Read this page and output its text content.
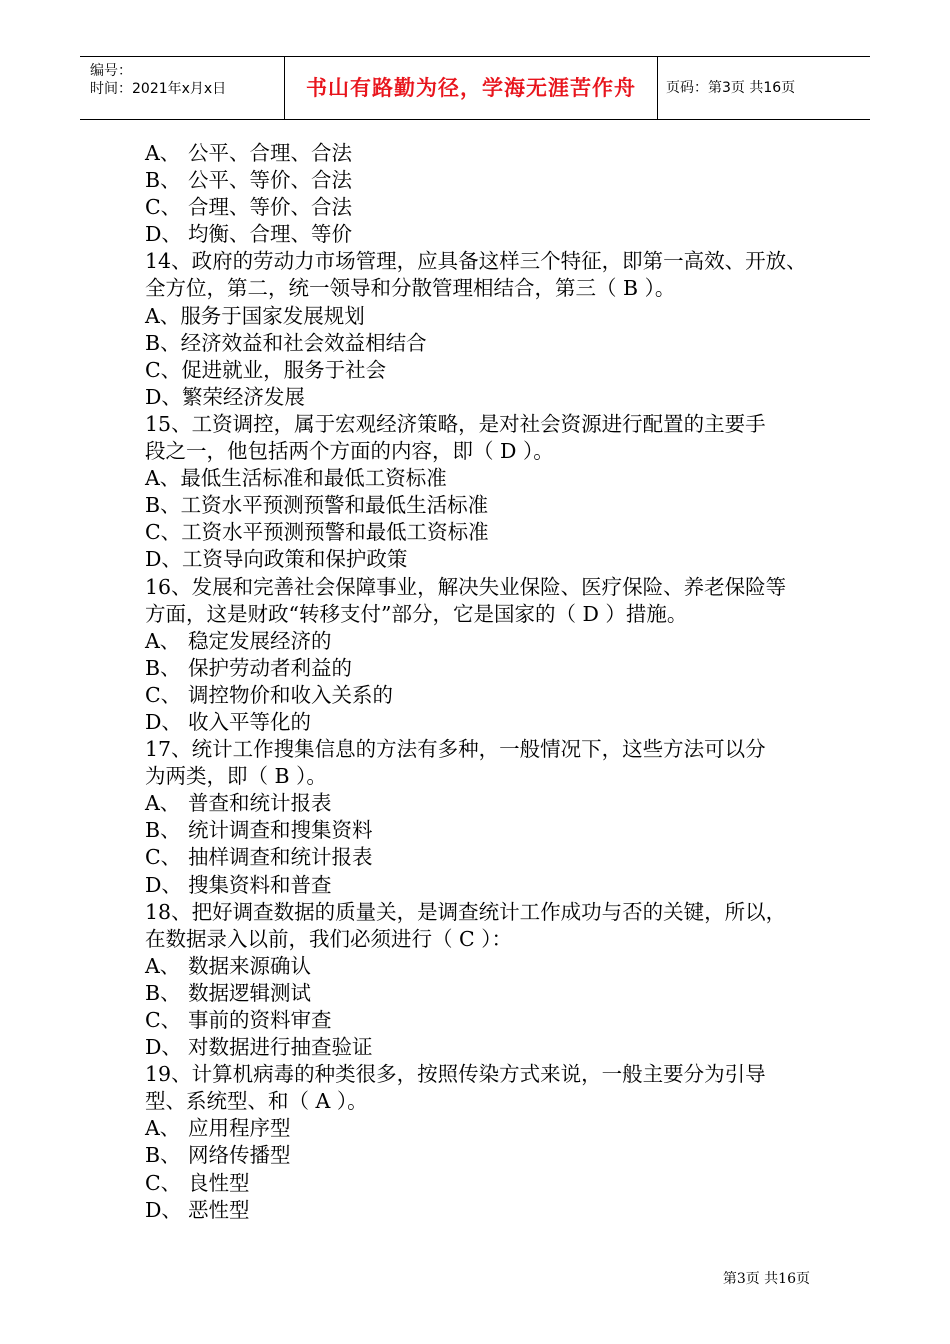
编号：
时间：2021年x月x日	书山有路勤为径，学海无涯苦作舟	页码：第3页 共16页
A、 公平、合理、合法
B、 公平、等价、合法
C、 合理、等价、合法
D、 均衡、合理、等价
14、政府的劳动力市场管理，应具备这样三个特征，即第一高效、开放、
全方位，第二，统一领导和分散管理相结合，第三（ B ）。
A、服务于国家发展规划
B、经济效益和社会效益相结合
C、促进就业，服务于社会
D、繁荣经济发展
15、工资调控，属于宏观经济策略，是对社会资源进行配置的主要手
段之一，他包括两个方面的内容，即（ D ）。
A、最低生活标准和最低工资标准
B、工资水平预测预警和最低生活标准
C、工资水平预测预警和最低工资标准
D、工资导向政策和保护政策
16、发展和完善社会保障事业，解决失业保险、医疗保险、养老保险等
方面，这是财政“转移支付”部分，它是国家的（ D ）措施。
A、 稳定发展经济的
B、 保护劳动者利益的
C、 调控物价和收入关系的
D、 收入平等化的
17、统计工作搜集信息的方法有多种，一般情况下，这些方法可以分
为两类，即（ B ）。
A、 普查和统计报表
B、 统计调查和搜集资料
C、 抽样调查和统计报表
D、 搜集资料和普查
18、把好调查数据的质量关，是调查统计工作成功与否的关键，所以，
在数据录入以前，我们必须进行（ C ）：
A、 数据来源确认
B、 数据逻辑测试
C、 事前的资料审查
D、 对数据进行抽查验证
19、计算机病毒的种类很多，按照传染方式来说，一般主要分为引导
型、系统型、和（ A ）。
A、 应用程序型
B、 网络传播型
C、 良性型
D、 恶性型
第3页 共16页
